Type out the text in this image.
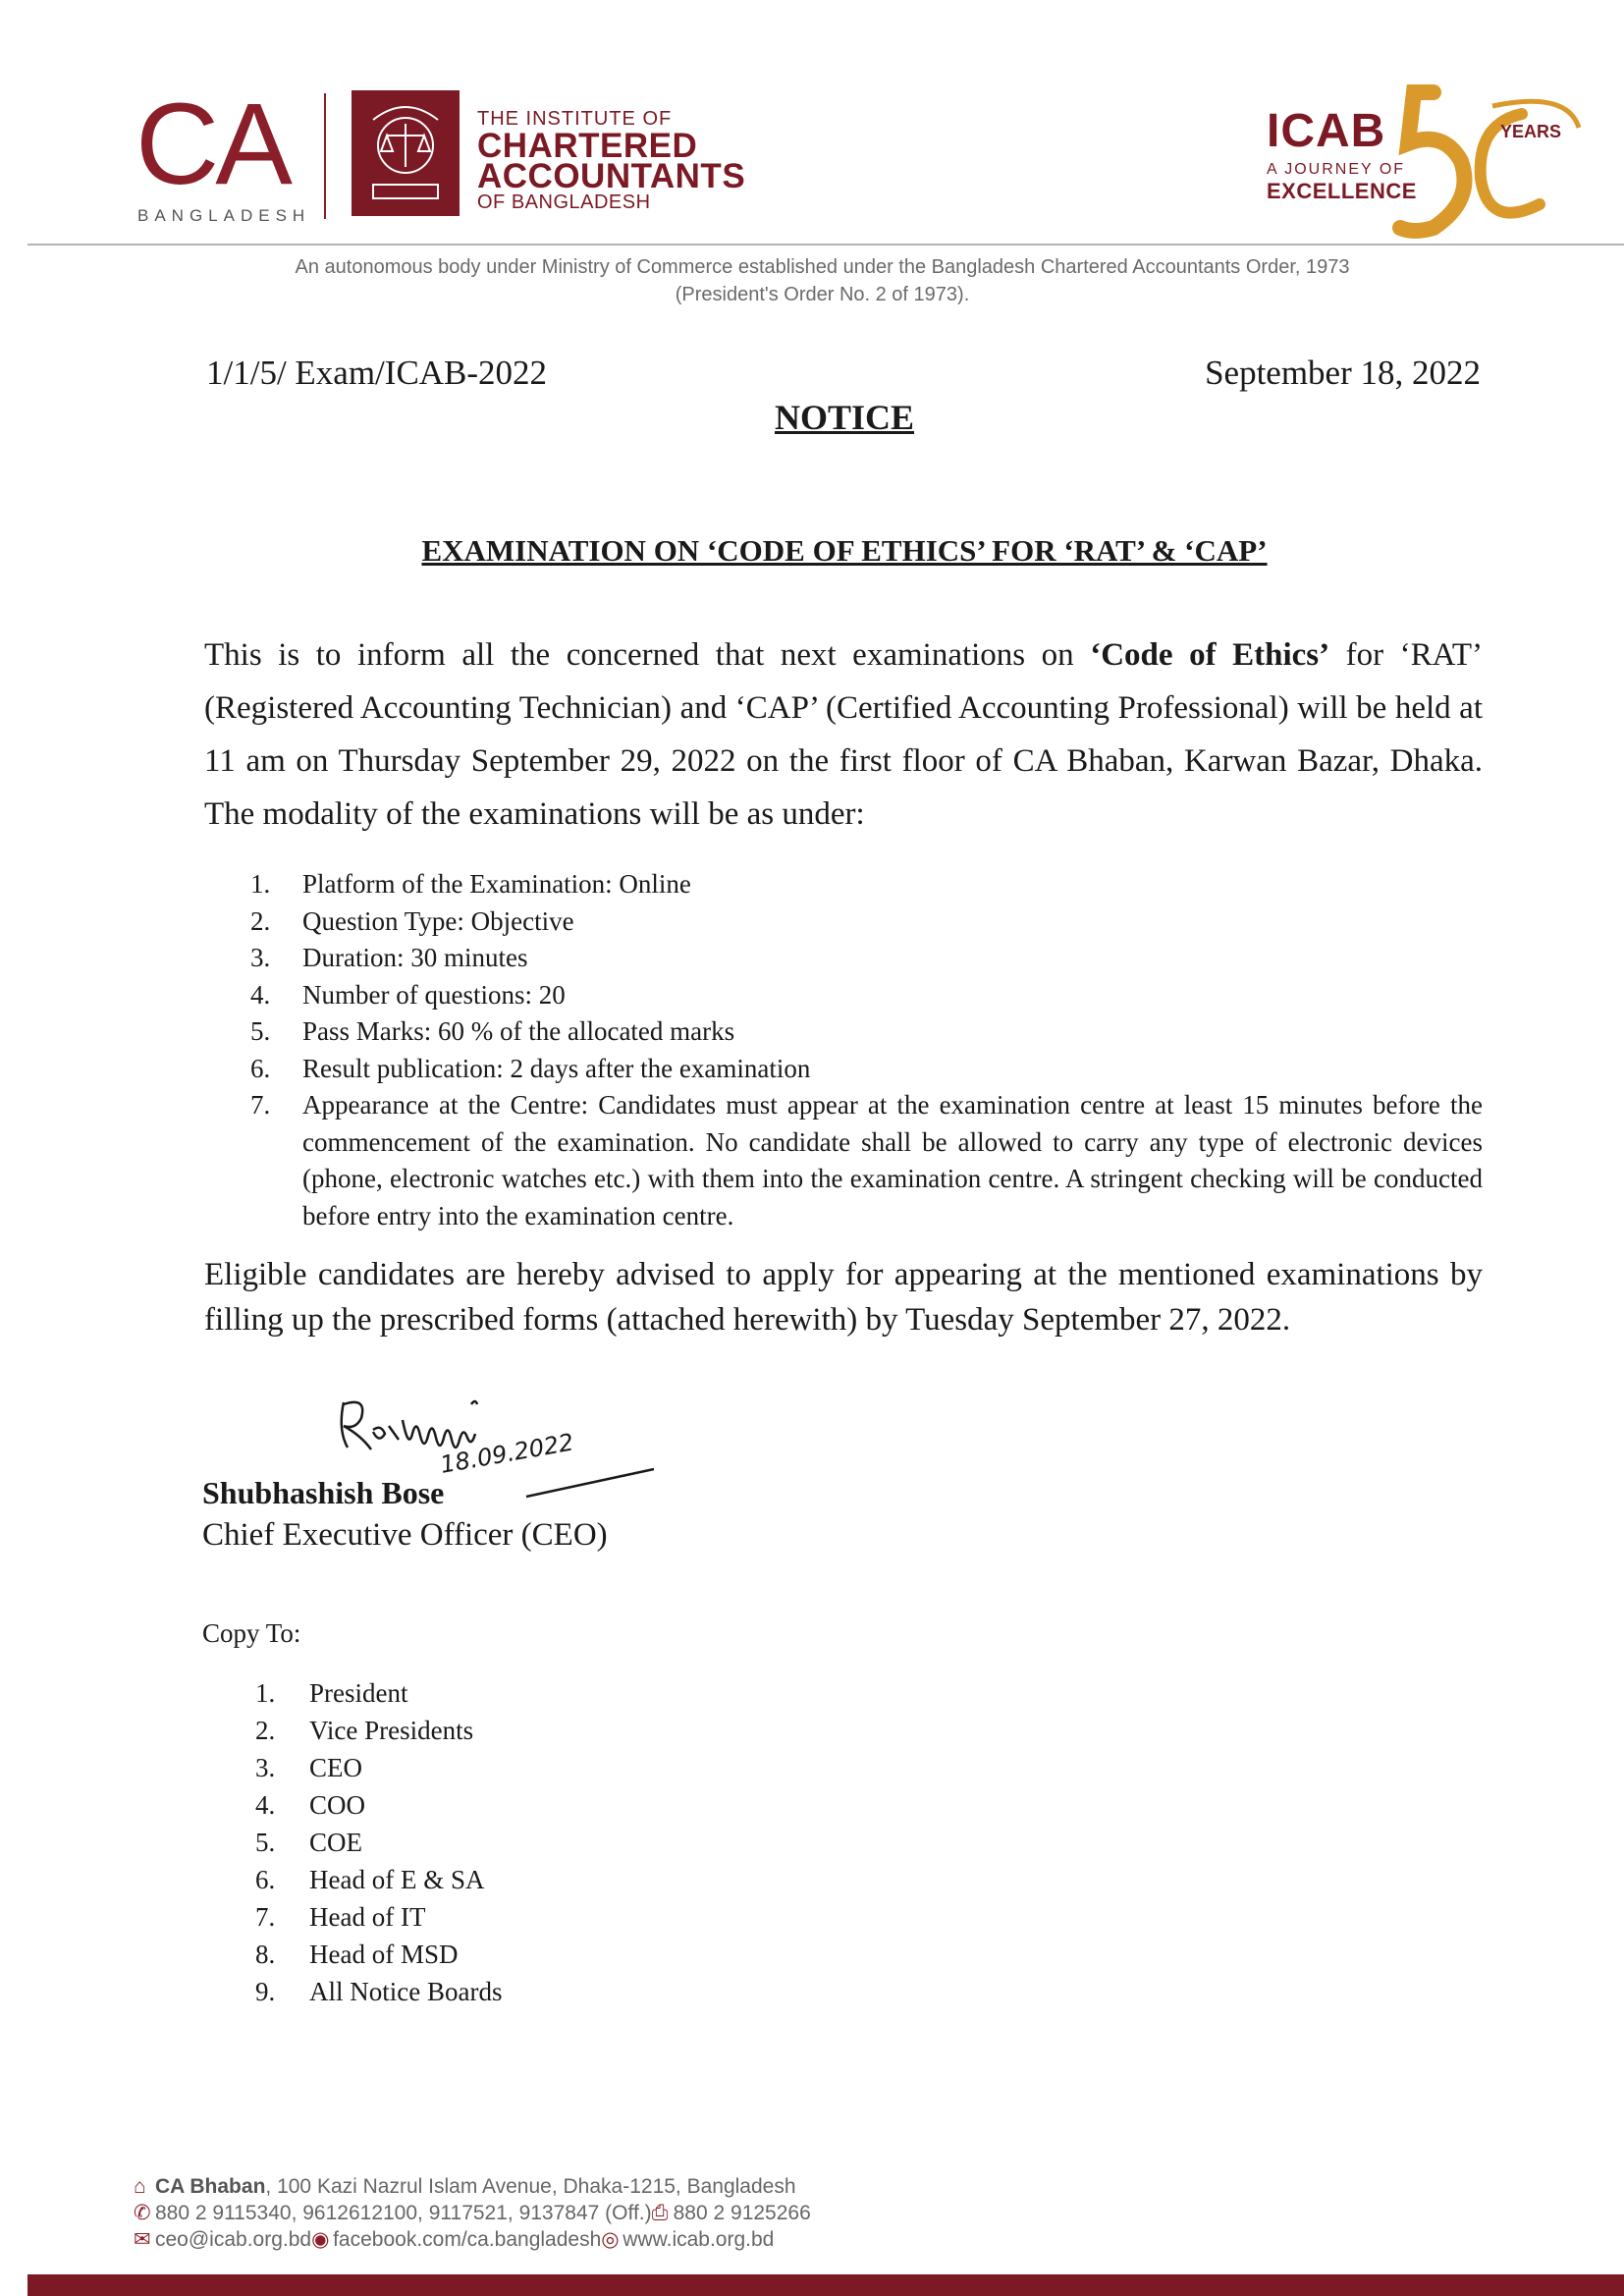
CA
BANGLADESH
THE INSTITUTE OF
CHARTERED
ACCOUNTANTS
OF BANGLADESH
ICAB
A JOURNEY OF
EXCELLENCE
YEARS
An autonomous body under Ministry of Commerce established under the Bangladesh Chartered Accountants Order, 1973
(President's Order No. 2 of 1973).
1/1/5/ Exam/ICAB-2022	September 18, 2022
NOTICE
EXAMINATION ON ‘CODE OF ETHICS’ FOR ‘RAT’ & ‘CAP’
This is to inform all the concerned that next examinations on ‘Code of Ethics’ for ‘RAT’ (Registered Accounting Technician) and ‘CAP’ (Certified Accounting Professional) will be held at 11 am on Thursday September 29, 2022 on the first floor of CA Bhaban, Karwan Bazar, Dhaka. The modality of the examinations will be as under:
1.	Platform of the Examination: Online
2.	Question Type: Objective
3.	Duration: 30 minutes
4.	Number of questions: 20
5.	Pass Marks: 60 % of the allocated marks
6.	Result publication: 2 days after the examination
7.	Appearance at the Centre: Candidates must appear at the examination centre at least 15 minutes before the commencement of the examination. No candidate shall be allowed to carry any type of electronic devices (phone, electronic watches etc.) with them into the examination centre. A stringent checking will be conducted before entry into the examination centre.
Eligible candidates are hereby advised to apply for appearing at the mentioned examinations by filling up the prescribed forms (attached herewith) by Tuesday September 27, 2022.
18.09.2022
Shubhashish Bose
Chief Executive Officer (CEO)
Copy To:
1.	President
2.	Vice Presidents
3.	CEO
4.	COO
5.	COE
6.	Head of E & SA
7.	Head of IT
8.	Head of MSD
9.	All Notice Boards
⌂ CA Bhaban, 100 Kazi Nazrul Islam Avenue, Dhaka-1215, Bangladesh
✆ 880 2 9115340, 9612612100, 9117521, 9137847 (Off.)⎙ 880 2 9125266
✉ ceo@icab.org.bd◉ facebook.com/ca.bangladesh◎ www.icab.org.bd
